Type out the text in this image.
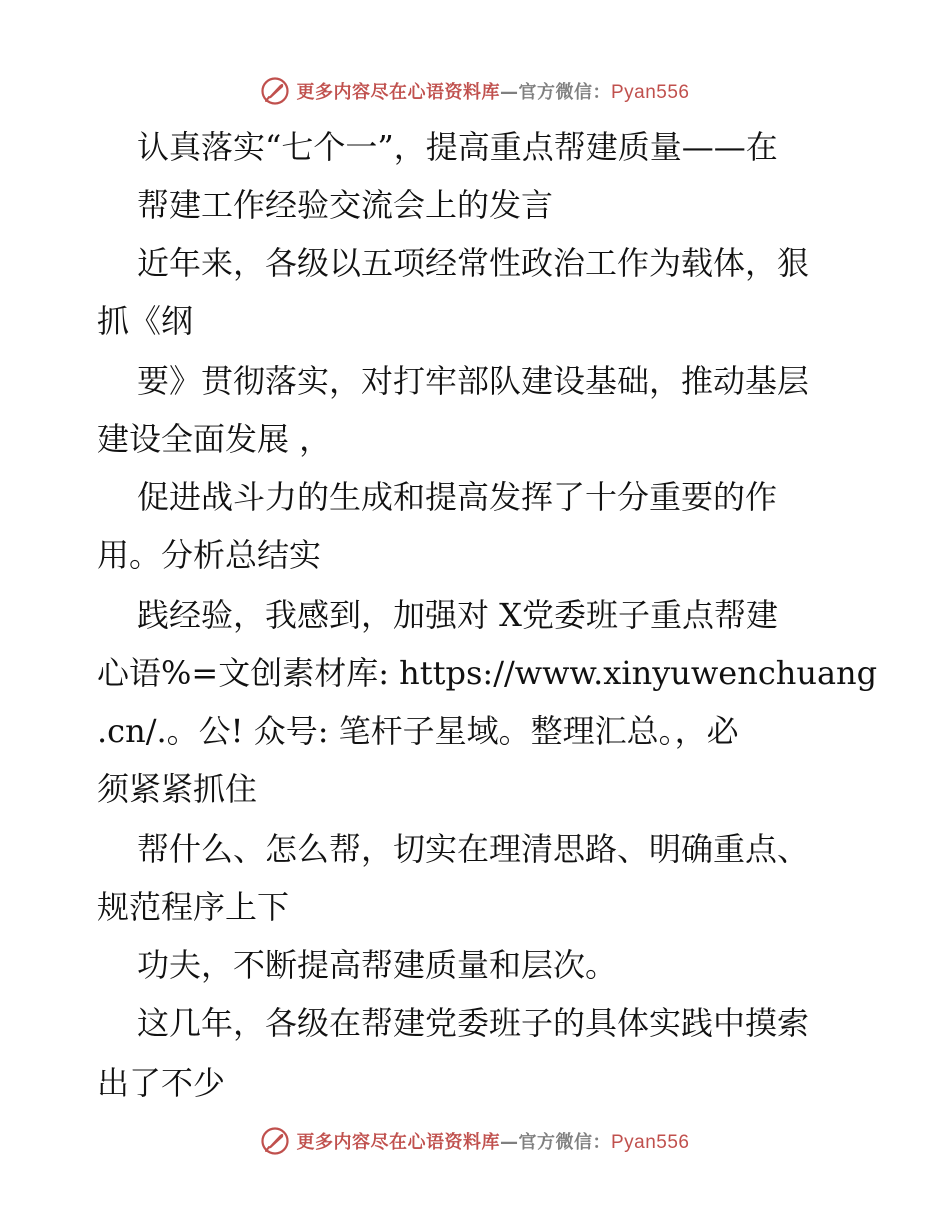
更多内容尽在心语资料库—官方微信：Pyan556
认真落实“七个一”，提高重点帮建质量——在
帮建工作经验交流会上的发言
近年来，各级以五项经常性政治工作为载体，狠
抓《纲
要》贯彻落实，对打牢部队建设基础，推动基层
建设全面发展 ，
促进战斗力的生成和提高发挥了十分重要的作
用。分析总结实
践经验，我感到，加强对 X党委班子重点帮建
心语%=文创素材库: https://www.xinyuwenchuang
.cn/.。公! 众号: 笔杆子星域。整理汇总。，必
须紧紧抓住
帮什么、怎么帮，切实在理清思路、明确重点、
规范程序上下
功夫，不断提高帮建质量和层次。
这几年，各级在帮建党委班子的具体实践中摸索
出了不少
更多内容尽在心语资料库—官方微信：Pyan556
